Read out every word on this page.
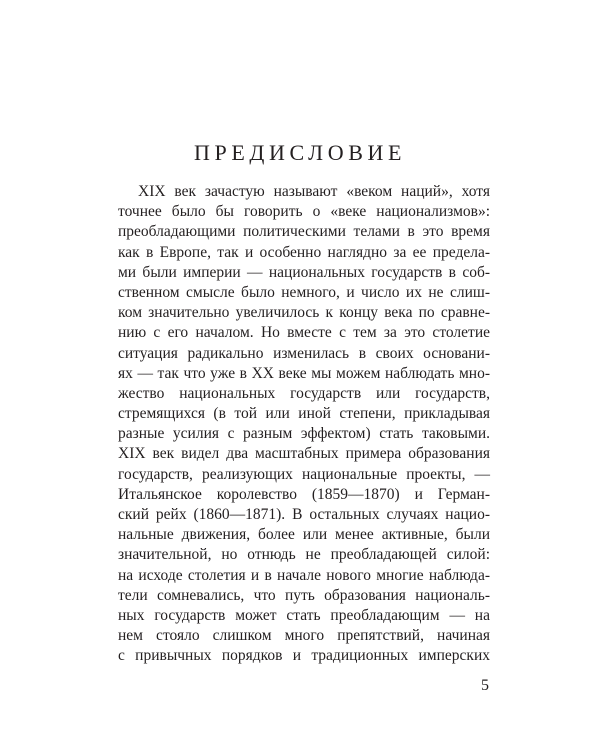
ПРЕДИСЛОВИЕ
XIX век зачастую называют «веком наций», хотя
точнее было бы говорить о «веке национализмов»:
преобладающими политическими телами в это время
как в Европе, так и особенно наглядно за ее предела-
ми были империи — национальных государств в соб-
ственном смысле было немного, и число их не слиш-
ком значительно увеличилось к концу века по сравне-
нию с его началом. Но вместе с тем за это столетие
ситуация радикально изменилась в своих основани-
ях — так что уже в XX веке мы можем наблюдать мно-
жество национальных государств или государств,
стремящихся (в той или иной степени, прикладывая
разные усилия с разным эффектом) стать таковыми.
XIX век видел два масштабных примера образования
государств, реализующих национальные проекты, —
Итальянское королевство (1859—1870) и Герман-
ский рейх (1860—1871). В остальных случаях нацио-
нальные движения, более или менее активные, были
значительной, но отнюдь не преобладающей силой:
на исходе столетия и в начале нового многие наблюда-
тели сомневались, что путь образования националь-
ных государств может стать преобладающим — на
нем стояло слишком много препятствий, начиная
с привычных порядков и традиционных имперских
5
